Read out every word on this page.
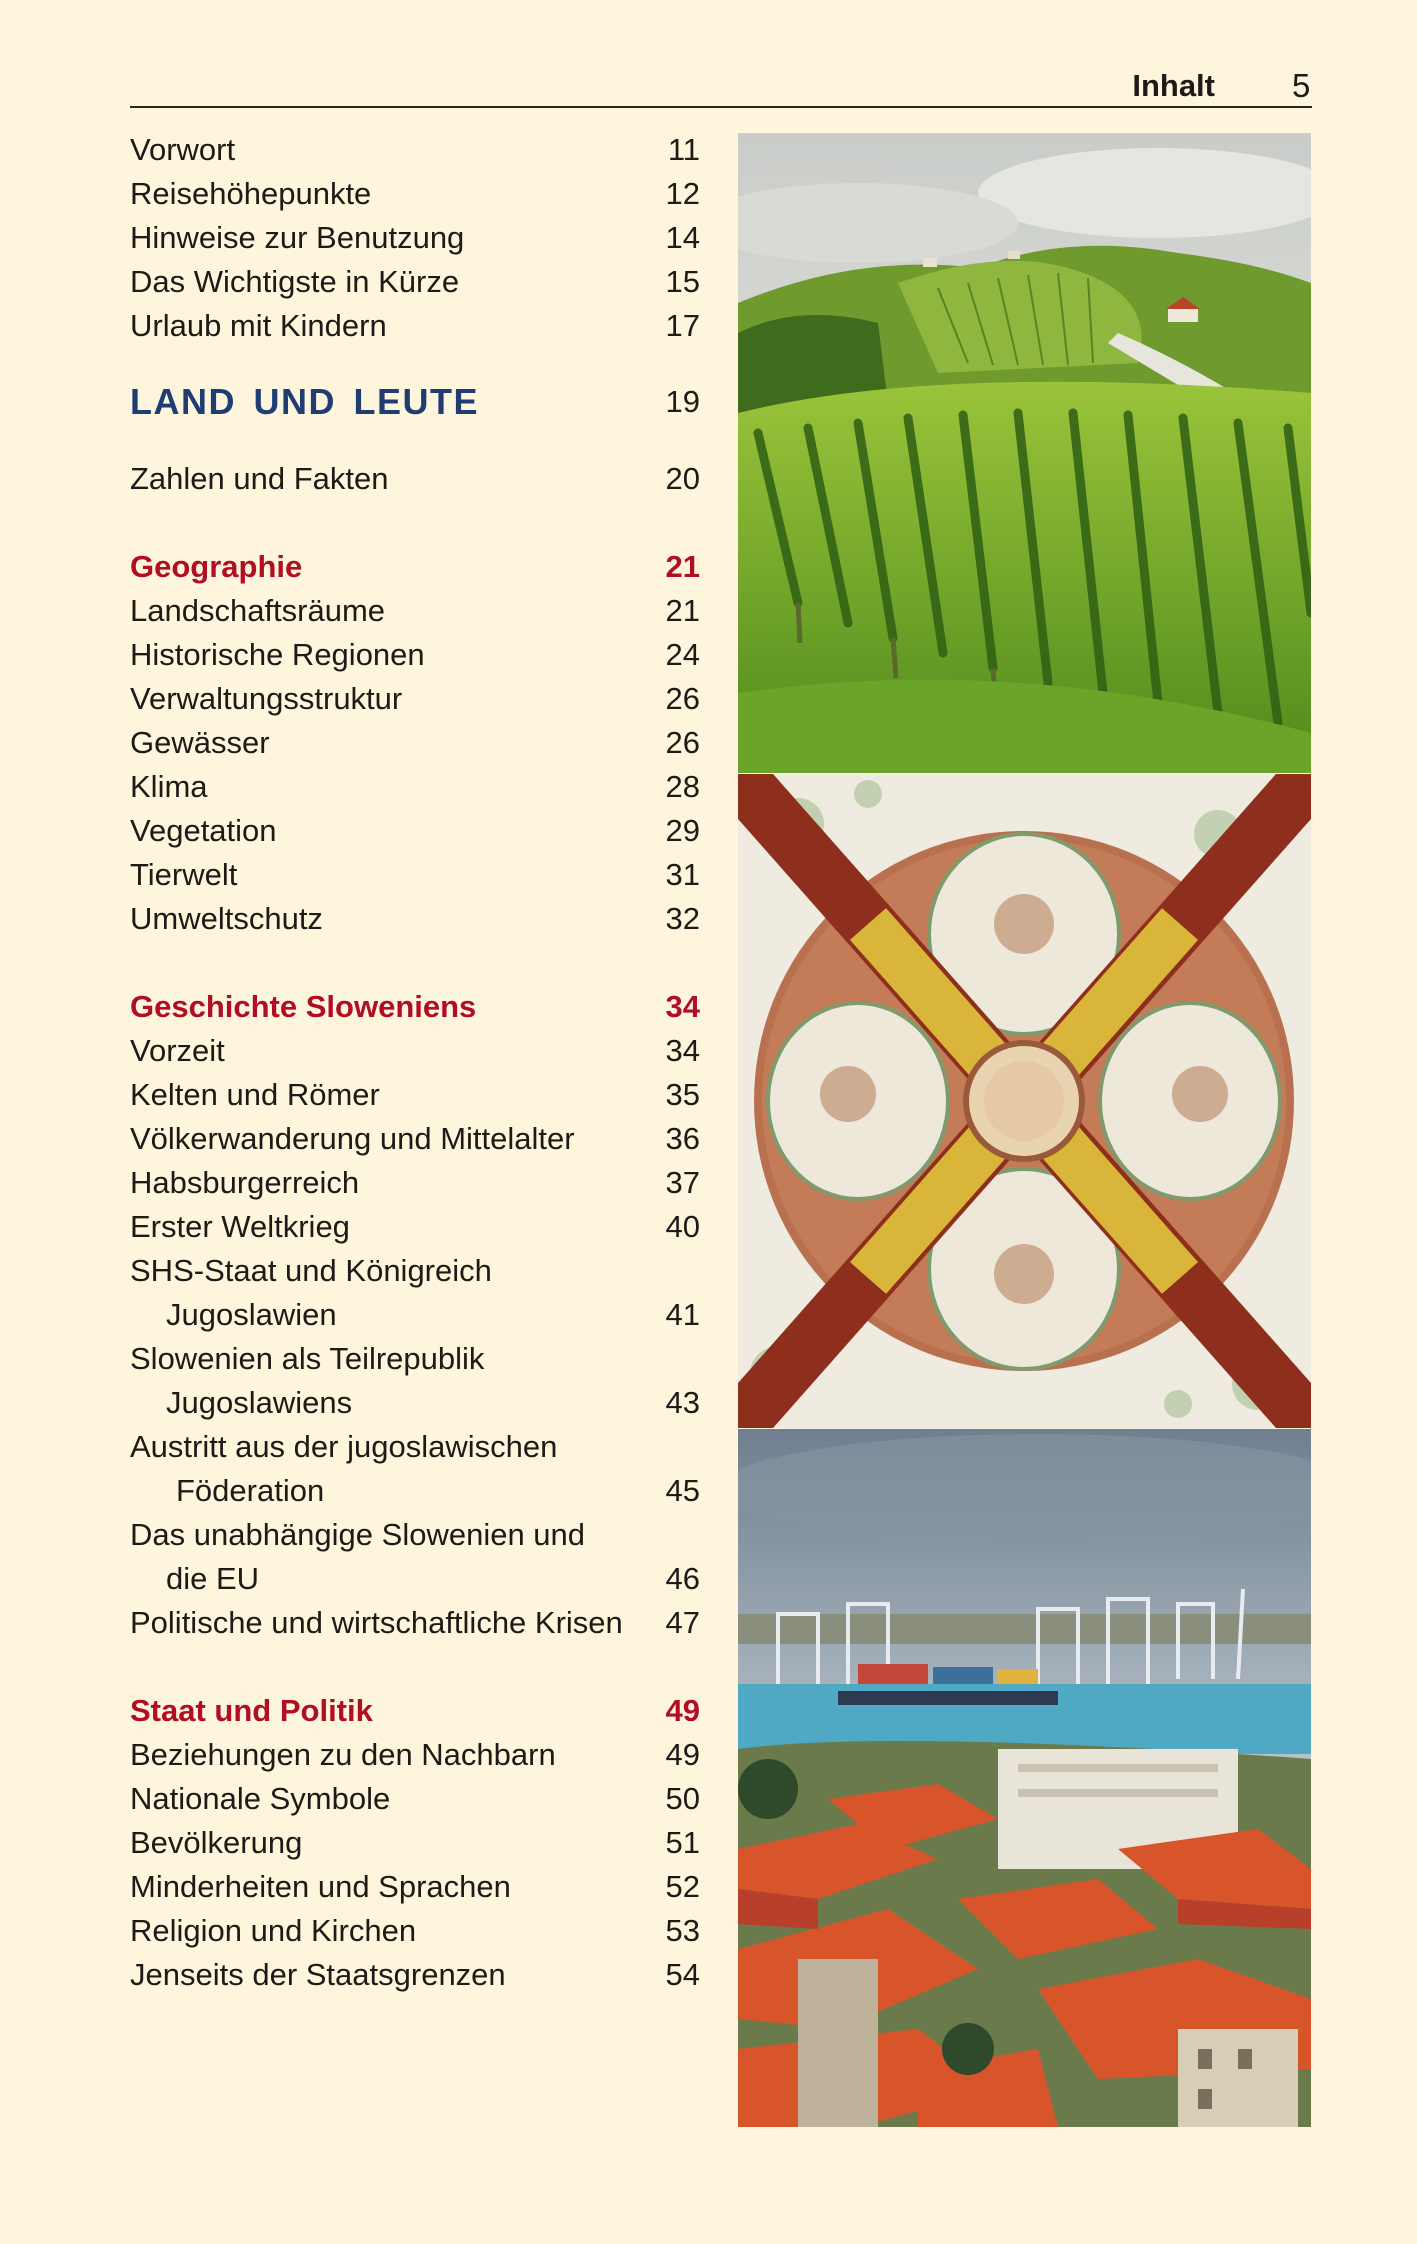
Inhalt 5
Vorwort	11
Reisehöhepunkte	12
Hinweise zur Benutzung	14
Das Wichtigste in Kürze	15
Urlaub mit Kindern	17
LAND UND LEUTE	19
Zahlen und Fakten	20
Geographie	21
Landschaftsräume	21
Historische Regionen	24
Verwaltungsstruktur	26
Gewässer	26
Klima	28
Vegetation	29
Tierwelt	31
Umweltschutz	32
Geschichte Sloweniens	34
Vorzeit	34
Kelten und Römer	35
Völkerwanderung und Mittelalter	36
Habsburgerreich	37
Erster Weltkrieg	40
SHS-Staat und Königreich
Jugoslawien	41
Slowenien als Teilrepublik
Jugoslawiens	43
Austritt aus der jugoslawischen
Föderation	45
Das unabhängige Slowenien und
die EU	46
Politische und wirtschaftliche Krisen 47
Staat und Politik	49
Beziehungen zu den Nachbarn	49
Nationale Symbole	50
Bevölkerung	51
Minderheiten und Sprachen	52
Religion und Kirchen	53
Jenseits der Staatsgrenzen	54
